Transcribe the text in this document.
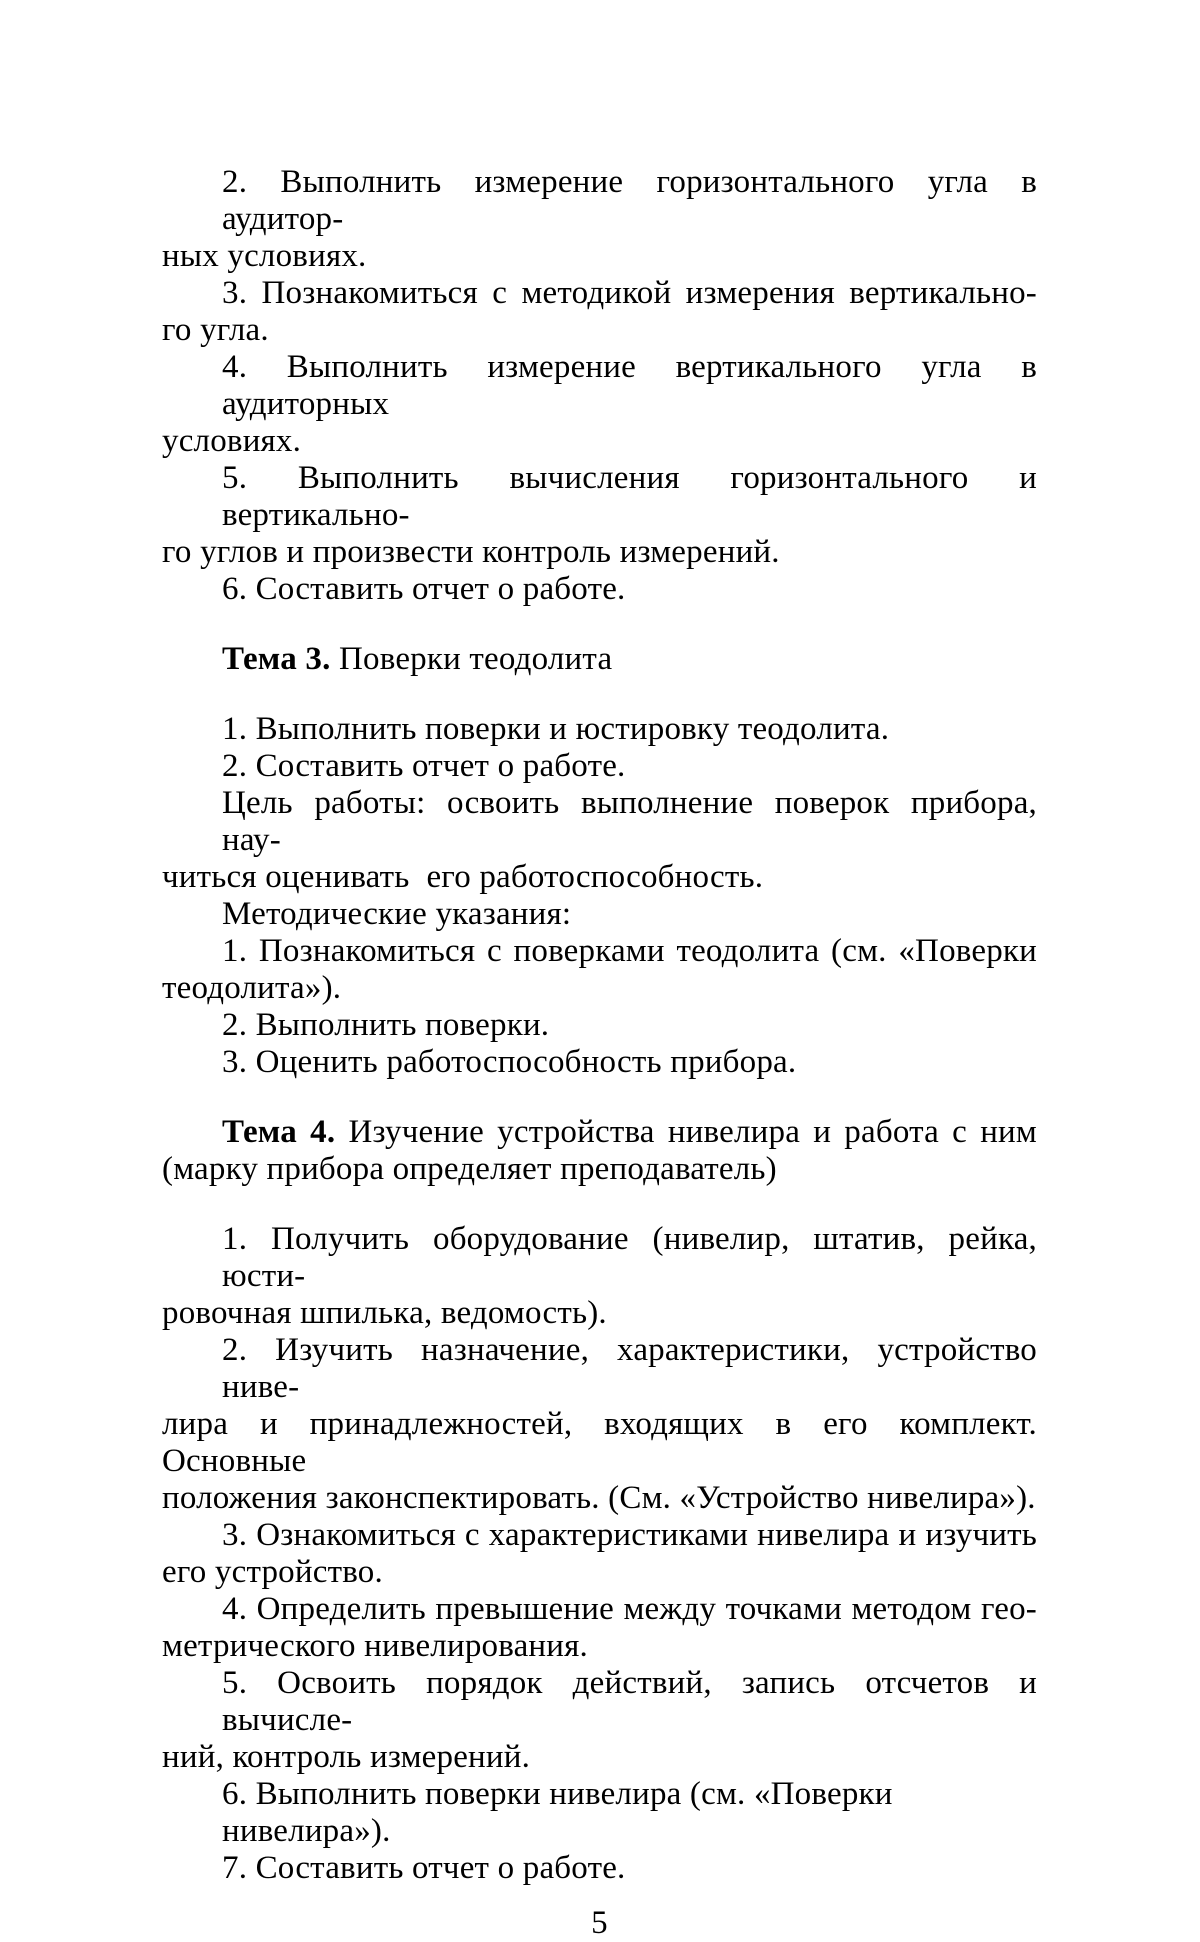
2. Выполнить измерение горизонтального угла в аудитор-
ных условиях.
3. Познакомиться с методикой измерения вертикально-
го угла.
4. Выполнить измерение вертикального угла в аудиторных
условиях.
5. Выполнить вычисления горизонтального и вертикально-
го углов и произвести контроль измерений.
6. Составить отчет о работе.
Тема 3. Поверки теодолита
1. Выполнить поверки и юстировку теодолита.
2. Составить отчет о работе.
Цель работы: освоить выполнение поверок прибора, нау-
читься оценивать  его работоспособность.
Методические указания:
1. Познакомиться с поверками теодолита (см. «Поверки
теодолита»).
2. Выполнить поверки.
3. Оценить работоспособность прибора.
Тема 4. Изучение устройства нивелира и работа с ним
(марку прибора определяет преподаватель)
1. Получить оборудование (нивелир, штатив, рейка, юсти-
ровочная шпилька, ведомость).
2. Изучить назначение, характеристики, устройство ниве-
лира и принадлежностей, входящих в его комплект. Основные
положения законспектировать. (См. «Устройство нивелира»).
3. Ознакомиться с характеристиками нивелира и изучить
его устройство.
4. Определить превышение между точками методом гео-
метрического нивелирования.
5. Освоить порядок действий, запись отсчетов и вычисле-
ний, контроль измерений.
6. Выполнить поверки нивелира (см. «Поверки нивелира»).
7. Составить отчет о работе.
5
